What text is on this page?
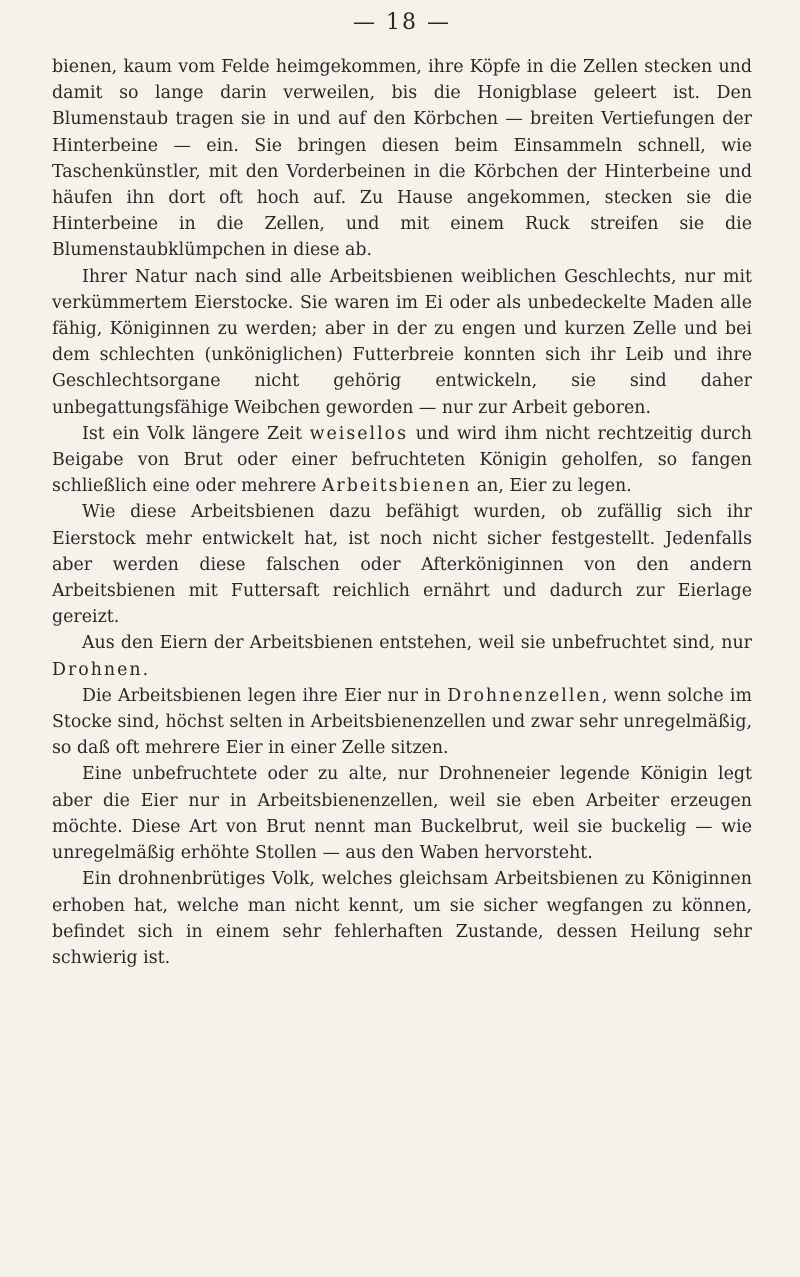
— 18 —

bienen, kaum vom Felde heimgekommen, ihre Köpfe in die Zellen stecken und damit so lange darin verweilen, bis die Honigblase geleert ist. Den Blumenstaub tragen sie in und auf den Körbchen — breiten Vertiefungen der Hinterbeine — ein. Sie bringen diesen beim Einsammeln schnell, wie Taschenkünstler, mit den Vorderbeinen in die Körbchen der Hinterbeine und häufen ihn dort oft hoch auf. Zu Hause angekommen, stecken sie die Hinterbeine in die Zellen, und mit einem Ruck streifen sie die Blumenstaubklümpchen in diese ab.

Ihrer Natur nach sind alle Arbeitsbienen weiblichen Geschlechts, nur mit verkümmertem Eierstocke. Sie waren im Ei oder als unbedeckelte Maden alle fähig, Königinnen zu werden; aber in der zu engen und kurzen Zelle und bei dem schlechten (unköniglichen) Futterbreie konnten sich ihr Leib und ihre Geschlechtsorgane nicht gehörig entwickeln, sie sind daher unbegattungsfähige Weibchen geworden — nur zur Arbeit geboren.

Ist ein Volk längere Zeit weisellos und wird ihm nicht rechtzeitig durch Beigabe von Brut oder einer befruchteten Königin geholfen, so fangen schließlich eine oder mehrere Arbeitsbienen an, Eier zu legen.

Wie diese Arbeitsbienen dazu befähigt wurden, ob zufällig sich ihr Eierstock mehr entwickelt hat, ist noch nicht sicher festgestellt. Jedenfalls aber werden diese falschen oder Afterköniginnen von den andern Arbeitsbienen mit Futtersaft reichlich ernährt und dadurch zur Eierlage gereizt.

Aus den Eiern der Arbeitsbienen entstehen, weil sie unbefruchtet sind, nur Drohnen.

Die Arbeitsbienen legen ihre Eier nur in Drohnenzellen, wenn solche im Stocke sind, höchst selten in Arbeitsbienenzellen und zwar sehr unregelmäßig, so daß oft mehrere Eier in einer Zelle sitzen.

Eine unbefruchtete oder zu alte, nur Drohneneier legende Königin legt aber die Eier nur in Arbeitsbienenzellen, weil sie eben Arbeiter erzeugen möchte. Diese Art von Brut nennt man Buckelbrut, weil sie buckelig — wie unregelmäßig erhöhte Stollen — aus den Waben hervorsteht.

Ein drohnenbrütiges Volk, welches gleichsam Arbeitsbienen zu Königinnen erhoben hat, welche man nicht kennt, um sie sicher wegfangen zu können, befindet sich in einem sehr fehlerhaften Zustande, dessen Heilung sehr schwierig ist.
